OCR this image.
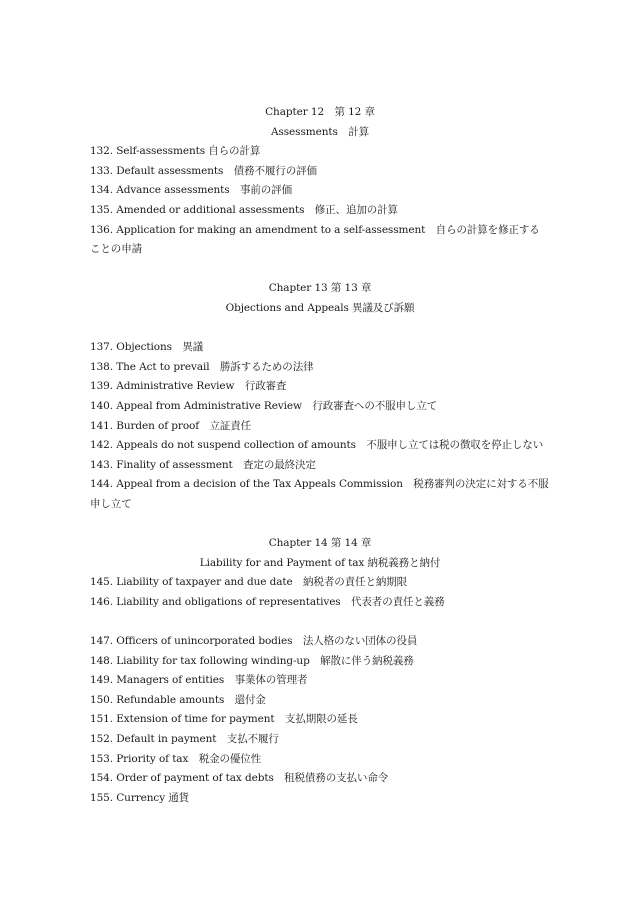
Chapter 12　第 12 章
Assessments　計算
132. Self-assessments 自らの計算
133. Default assessments　債務不履行の評価
134. Advance assessments　事前の評価
135. Amended or additional assessments　修正、追加の計算
136. Application for making an amendment to a self-assessment　自らの計算を修正することの申請
Chapter 13 第 13 章
Objections and Appeals 異議及び訴願
137. Objections　異議
138. The Act to prevail　勝訴するための法律
139. Administrative Review　行政審査
140. Appeal from Administrative Review　行政審査への不服申し立て
141. Burden of proof　立証責任
142. Appeals do not suspend collection of amounts　不服申し立ては税の徴収を停止しない
143. Finality of assessment　査定の最終決定
144. Appeal from a decision of the Tax Appeals Commission　税務審判の決定に対する不服申し立て
Chapter 14 第 14 章
Liability for and Payment of tax 納税義務と納付
145. Liability of taxpayer and due date　納税者の責任と納期限
146. Liability and obligations of representatives　代表者の責任と義務
147. Officers of unincorporated bodies　法人格のない団体の役員
148. Liability for tax following winding-up　解散に伴う納税義務
149. Managers of entities　事業体の管理者
150. Refundable amounts　還付金
151. Extension of time for payment　支払期限の延長
152. Default in payment　支払不履行
153. Priority of tax　税金の優位性
154. Order of payment of tax debts　租税債務の支払い命令
155. Currency 通貨
